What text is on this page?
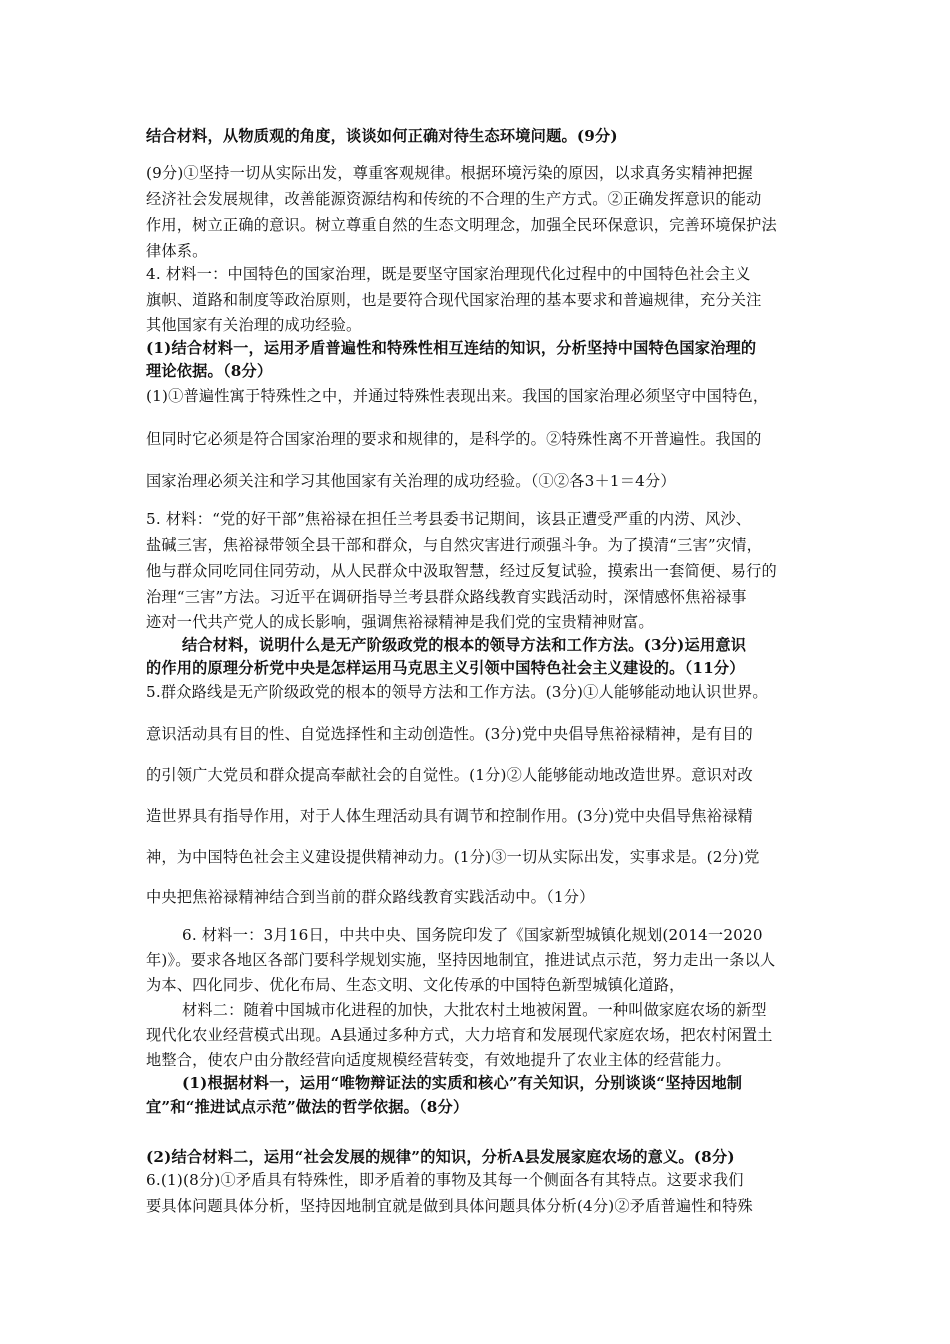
结合材料，从物质观的角度，谈谈如何正确对待生态环境问题。(9分)
(9分)①坚持一切从实际出发，尊重客观规律。根据环境污染的原因，以求真务实精神把握
经济社会发展规律，改善能源资源结构和传统的不合理的生产方式。②正确发挥意识的能动
作用，树立正确的意识。树立尊重自然的生态文明理念，加强全民环保意识，完善环境保护法
律体系。
4. 材料一：中国特色的国家治理，既是要坚守国家治理现代化过程中的中国特色社会主义
旗帜、道路和制度等政治原则，也是要符合现代国家治理的基本要求和普遍规律，充分关注
其他国家有关治理的成功经验。
(1)结合材料一，运用矛盾普遍性和特殊性相互连结的知识，分析坚持中国特色国家治理的
理论依据。（8分）
(1)①普遍性寓于特殊性之中，并通过特殊性表现出来。我国的国家治理必须坚守中国特色，
但同时它必须是符合国家治理的要求和规律的，是科学的。②特殊性离不开普遍性。我国的
国家治理必须关注和学习其他国家有关治理的成功经验。（①②各3＋1＝4分）
5. 材料：“党的好干部”焦裕禄在担任兰考县委书记期间，该县正遭受严重的内涝、风沙、
盐碱三害，焦裕禄带领全县干部和群众，与自然灾害进行顽强斗争。为了摸清“三害”灾情，
他与群众同吃同住同劳动，从人民群众中汲取智慧，经过反复试验，摸索出一套简便、易行的
治理“三害”方法。习近平在调研指导兰考县群众路线教育实践活动时，深情感怀焦裕禄事
迹对一代共产党人的成长影响，强调焦裕禄精神是我们党的宝贵精神财富。
结合材料，说明什么是无产阶级政党的根本的领导方法和工作方法。(3分)运用意识
的作用的原理分析党中央是怎样运用马克思主义引领中国特色社会主义建设的。（11分）
5.群众路线是无产阶级政党的根本的领导方法和工作方法。(3分)①人能够能动地认识世界。
意识活动具有目的性、自觉选择性和主动创造性。(3分)党中央倡导焦裕禄精神，是有目的
的引领广大党员和群众提高奉献社会的自觉性。(1分)②人能够能动地改造世界。意识对改
造世界具有指导作用，对于人体生理活动具有调节和控制作用。(3分)党中央倡导焦裕禄精
神，为中国特色社会主义建设提供精神动力。(1分)③一切从实际出发，实事求是。(2分)党
中央把焦裕禄精神结合到当前的群众路线教育实践活动中。（1分）
6. 材料一：3月16日，中共中央、国务院印发了《国家新型城镇化规划(2014一2020
年)》。要求各地区各部门要科学规划实施，坚持因地制宜，推进试点示范，努力走出一条以人
为本、四化同步、优化布局、生态文明、文化传承的中国特色新型城镇化道路，
材料二：随着中国城市化进程的加快，大批农村土地被闲置。一种叫做家庭农场的新型
现代化农业经营模式出现。A县通过多种方式，大力培育和发展现代家庭农场，把农村闲置土
地整合，使农户由分散经营向适度规模经营转变，有效地提升了农业主体的经营能力。
(1)根据材料一，运用“唯物辩证法的实质和核心”有关知识，分别谈谈“坚持因地制
宜”和“推进试点示范”做法的哲学依据。（8分）
(2)结合材料二，运用“社会发展的规律”的知识，分析A县发展家庭农场的意义。(8分)
6.(1)(8分)①矛盾具有特殊性，即矛盾着的事物及其每一个侧面各有其特点。这要求我们
要具体问题具体分析，坚持因地制宜就是做到具体问题具体分析(4分)②矛盾普遍性和特殊
